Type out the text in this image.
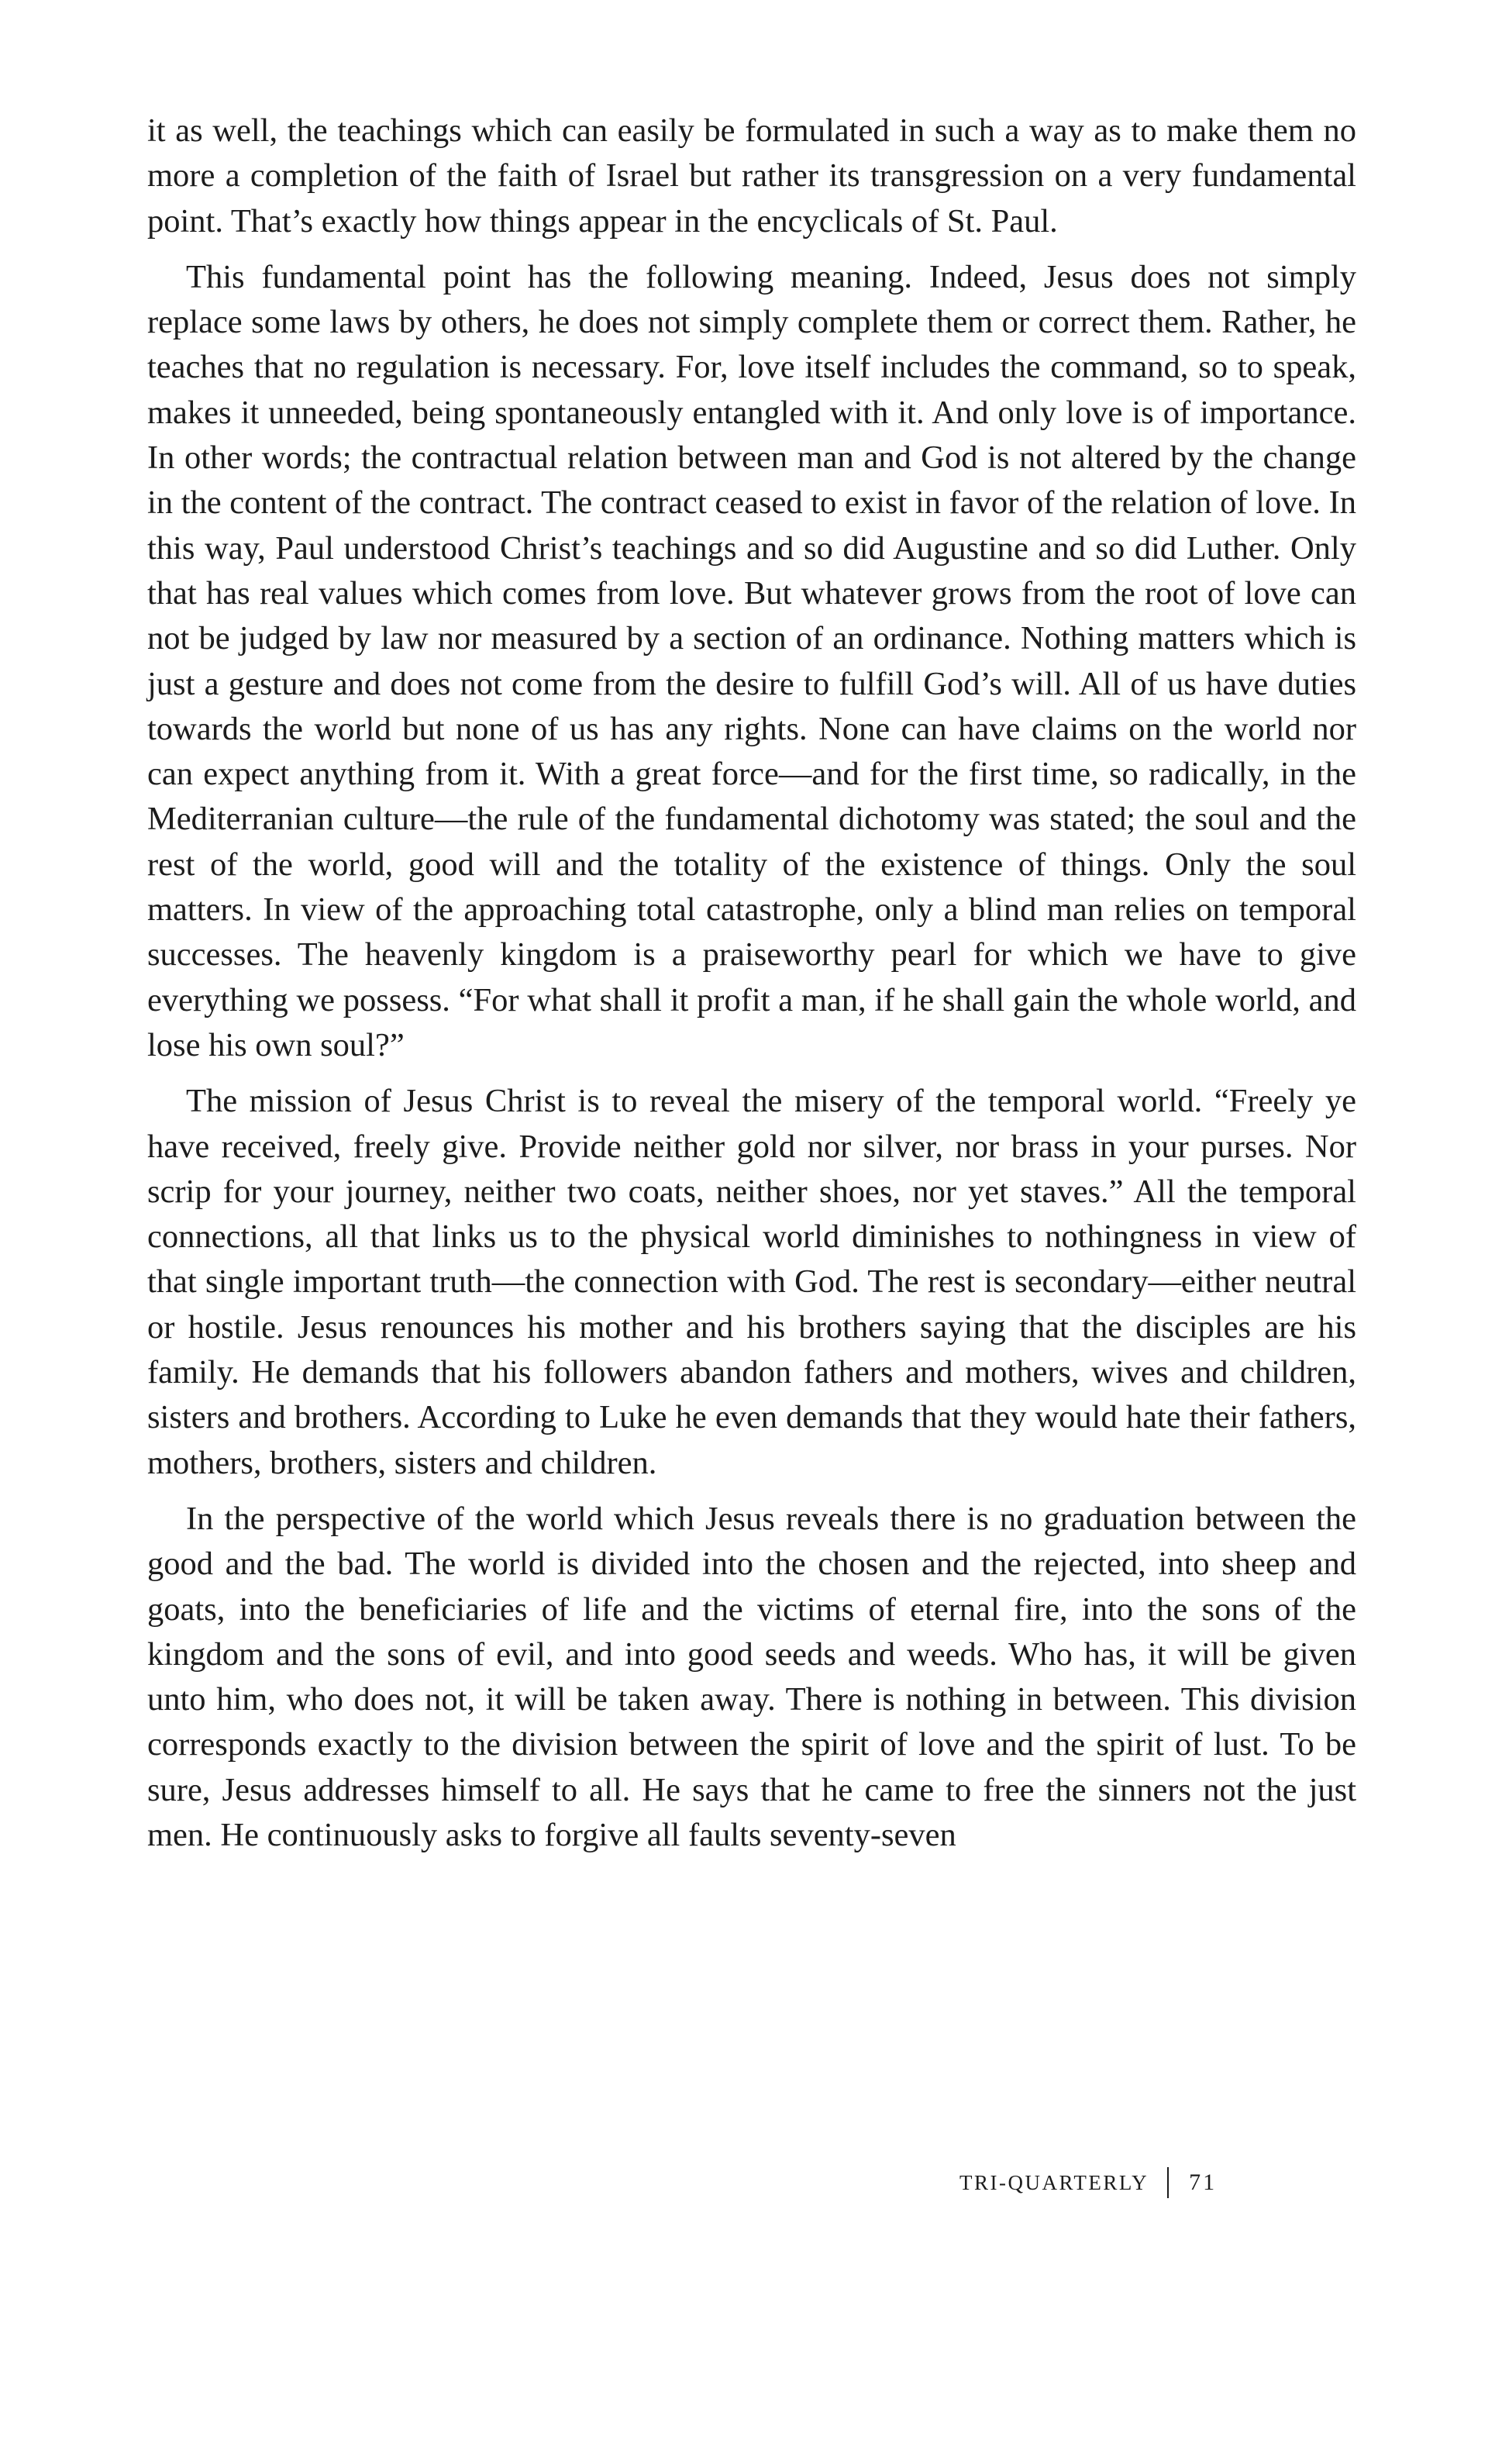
it as well, the teachings which can easily be formulated in such a way as to make them no more a completion of the faith of Israel but rather its transgression on a very fundamental point. That’s exactly how things appear in the encyclicals of St. Paul.

This fundamental point has the following meaning. Indeed, Jesus does not simply replace some laws by others, he does not simply complete them or correct them. Rather, he teaches that no regulation is necessary. For, love itself includes the command, so to speak, makes it unneeded, being spontaneously entangled with it. And only love is of importance. In other words; the contractual relation between man and God is not altered by the change in the content of the contract. The contract ceased to exist in favor of the relation of love. In this way, Paul understood Christ’s teachings and so did Augustine and so did Luther. Only that has real values which comes from love. But whatever grows from the root of love can not be judged by law nor measured by a section of an ordinance. Nothing matters which is just a gesture and does not come from the desire to fulfill God’s will. All of us have duties towards the world but none of us has any rights. None can have claims on the world nor can expect anything from it. With a great force—and for the first time, so radically, in the Mediterranian culture—the rule of the fundamental dichotomy was stated; the soul and the rest of the world, good will and the totality of the existence of things. Only the soul matters. In view of the approaching total catastrophe, only a blind man relies on temporal successes. The heavenly kingdom is a praiseworthy pearl for which we have to give everything we possess. “For what shall it profit a man, if he shall gain the whole world, and lose his own soul?”

The mission of Jesus Christ is to reveal the misery of the temporal world. “Freely ye have received, freely give. Provide neither gold nor silver, nor brass in your purses. Nor scrip for your journey, neither two coats, neither shoes, nor yet staves.” All the temporal connections, all that links us to the physical world diminishes to nothingness in view of that single important truth—the connection with God. The rest is secondary—either neutral or hostile. Jesus renounces his mother and his brothers saying that the disciples are his family. He demands that his followers abandon fathers and mothers, wives and children, sisters and brothers. According to Luke he even demands that they would hate their fathers, mothers, brothers, sisters and children.

In the perspective of the world which Jesus reveals there is no graduation between the good and the bad. The world is divided into the chosen and the rejected, into sheep and goats, into the beneficiaries of life and the victims of eternal fire, into the sons of the kingdom and the sons of evil, and into good seeds and weeds. Who has, it will be given unto him, who does not, it will be taken away. There is nothing in between. This division corresponds exactly to the division between the spirit of love and the spirit of lust. To be sure, Jesus addresses himself to all. He says that he came to free the sinners not the just men. He continuously asks to forgive all faults seventy-seven

TRI-QUARTERLY 71
